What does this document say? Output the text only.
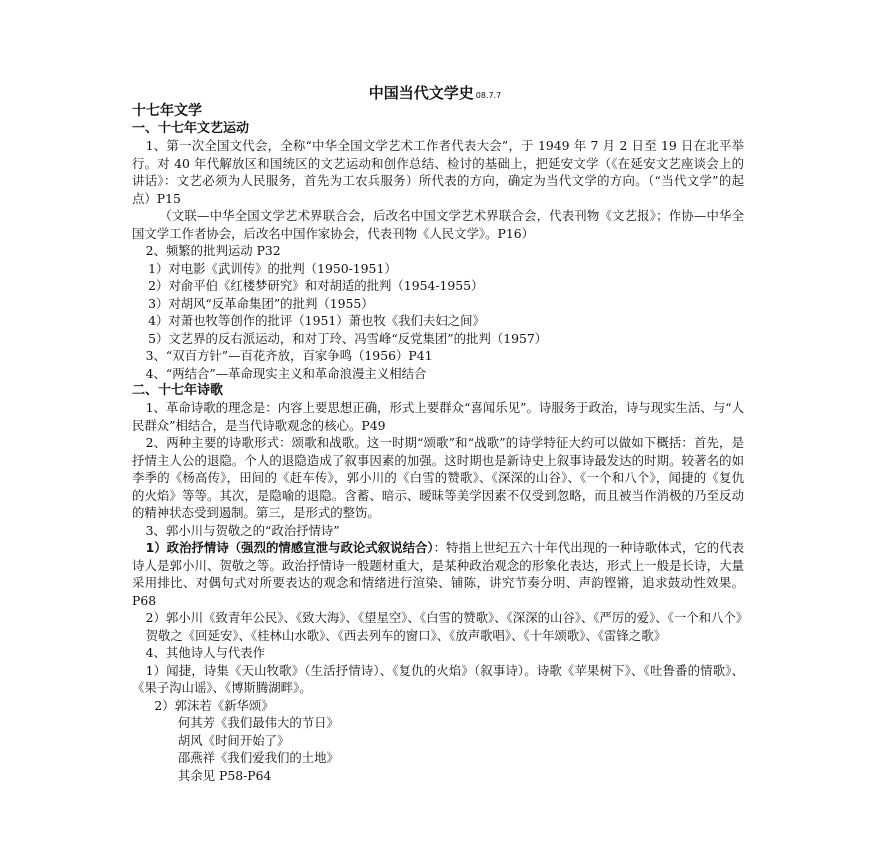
中国当代文学史 08.7.7

十七年文学

一、十七年文艺运动

1、第一次全国文代会，全称“中华全国文学艺术工作者代表大会”，于 1949 年 7 月 2 日至 19 日在北平举行。对 40 年代解放区和国统区的文艺运动和创作总结、检讨的基础上，把延安文学（《在延安文艺座谈会上的讲话》：文艺必须为人民服务，首先为工农兵服务）所代表的方向，确定为当代文学的方向。（“当代文学”的起点）P15

（文联—中华全国文学艺术界联合会，后改名中国文学艺术界联合会，代表刊物《文艺报》；作协—中华全国文学工作者协会，后改名中国作家协会，代表刊物《人民文学》。P16）

2、频繁的批判运动 P32

1）对电影《武训传》的批判（1950-1951）

2）对俞平伯《红楼梦研究》和对胡适的批判（1954-1955）

3）对胡风“反革命集团”的批判（1955）

4）对萧也牧等创作的批评（1951）萧也牧《我们夫妇之间》

5）文艺界的反右派运动，和对丁玲、冯雪峰“反党集团”的批判（1957）

3、“双百方针”—百花齐放，百家争鸣（1956）P41

4、“两结合”—革命现实主义和革命浪漫主义相结合

二、十七年诗歌

1、革命诗歌的理念是：内容上要思想正确，形式上要群众“喜闻乐见”。诗服务于政治，诗与现实生活、与“人民群众”相结合，是当代诗歌观念的核心。P49

2、两种主要的诗歌形式：颂歌和战歌。这一时期“颂歌”和“战歌”的诗学特征大约可以做如下概括：首先，是抒情主人公的退隐。个人的退隐造成了叙事因素的加强。这时期也是新诗史上叙事诗最发达的时期。较著名的如李季的《杨高传》，田间的《赶车传》，郭小川的《白雪的赞歌》、《深深的山谷》、《一个和八个》，闻捷的《复仇的火焰》等等。其次，是隐喻的退隐。含蓄、暗示、暧昧等美学因素不仅受到忽略，而且被当作消极的乃至反动的精神状态受到遏制。第三，是形式的整饬。

3、郭小川与贺敬之的“政治抒情诗”

1）政治抒情诗（强烈的情感宣泄与政论式叙说结合）：特指上世纪五六十年代出现的一种诗歌体式，它的代表诗人是郭小川、贺敬之等。政治抒情诗一般题材重大，是某种政治观念的形象化表达，形式上一般是长诗，大量采用排比、对偶句式对所要表达的观念和情绪进行渲染、铺陈，讲究节奏分明、声韵铿锵，追求鼓动性效果。P68

2）郭小川《致青年公民》、《致大海》、《望星空》、《白雪的赞歌》、《深深的山谷》、《严厉的爱》、《一个和八个》

贺敬之《回延安》、《桂林山水歌》、《西去列车的窗口》、《放声歌唱》、《十年颂歌》、《雷锋之歌》

4、其他诗人与代表作

1）闻捷，诗集《天山牧歌》（生活抒情诗）、《复仇的火焰》（叙事诗）。诗歌《苹果树下》、《吐鲁番的情歌》、《果子沟山谣》、《博斯腾湖畔》。

2）郭沫若《新华颂》

何其芳《我们最伟大的节日》

胡风《时间开始了》

邵燕祥《我们爱我们的土地》

其余见 P58-P64
